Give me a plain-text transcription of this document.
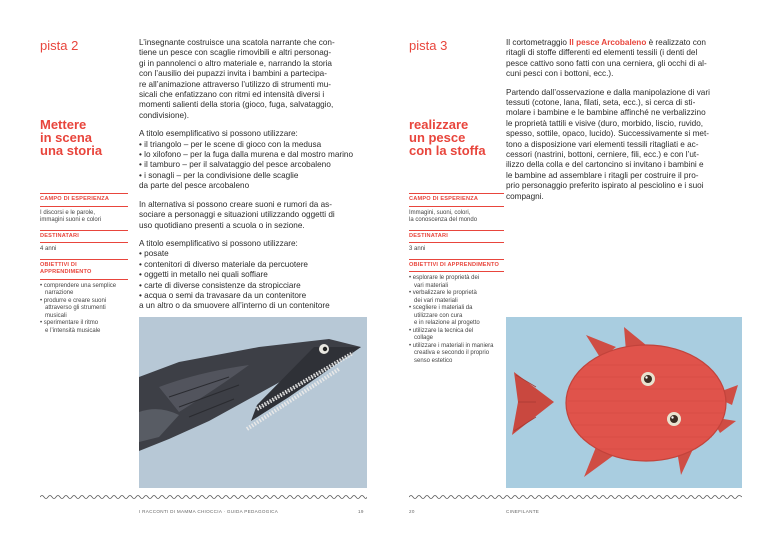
pista 2
Mettere
in scena
una storia
CAMPO DI ESPERIENZA
I discorsi e le parole,
immagini suoni e colori
DESTINATARI
4 anni
OBIETTIVI DI APPRENDIMENTO
• comprendere una semplice
narrazione
• produrre e creare suoni
attraverso gli strumenti
musicali
• sperimentare il ritmo
e l’intensità musicale

L’insegnante costruisce una scatola narrante che con-
tiene un pesce con scaglie rimovibili e altri personag-
gi in pannolenci o altro materiale e, narrando la storia
con l’ausilio dei pupazzi invita i bambini a partecipa-
re all’animazione attraverso l’utilizzo di strumenti mu-
sicali che enfatizzano con ritmi ed intensità diversi i
momenti salienti della storia (gioco, fuga, salvataggio,
condivisione).

A titolo esemplificativo si possono utilizzare:

• il triangolo – per le scene di gioco con la medusa
• lo xilofono – per la fuga dalla murena e dal mostro marino
• il tamburo – per il salvataggio del pesce arcobaleno
• i sonagli – per la condivisione delle scaglie
da parte del pesce arcobaleno

In alternativa si possono creare suoni e rumori da as-
sociare a personaggi e situazioni utilizzando oggetti di
uso quotidiano presenti a scuola o in sezione.

A titolo esemplificativo si possono utilizzare:

• posate
• contenitori di diverso materiale da percuotere
• oggetti in metallo nei quali soffiare
• carte di diverse consistenze da stropicciare
• acqua o semi da travasare da un contenitore
a un altro o da smuovere all’interno di un contenitore
I RACCONTI DI MAMMA CHIOCCIA · GUIDA PEDAGOGICA	19
pista 3
realizzare
un pesce
con la stoffa
CAMPO DI ESPERIENZA
Immagini, suoni, colori,
la conoscenza del mondo
DESTINATARI
3 anni
OBIETTIVI DI APPRENDIMENTO
• esplorare le proprietà dei
vari materiali
• verbalizzare le proprietà
dei vari materiali
• scegliere i materiali da
utilizzare con cura
e in relazione al progetto
• utilizzare la tecnica del
collage
• utilizzare i materiali in maniera
creativa e secondo il proprio
senso estetico

Il cortometraggio Il pesce Arcobaleno è realizzato con
ritagli di stoffe differenti ed elementi tessili (i denti del
pesce cattivo sono fatti con una cerniera, gli occhi di al-
cuni pesci con i bottoni, ecc.).

Partendo dall’osservazione e dalla manipolazione di vari
tessuti (cotone, lana, filati, seta, ecc.), si cerca di sti-
molare i bambine e le bambine affinché ne verbalizzino
le proprietà tattili e visive (duro, morbido, liscio, ruvido,
spesso, sottile, opaco, lucido). Successivamente si met-
tono a disposizione vari elementi tessili ritagliati e ac-
cessori (nastrini, bottoni, cerniere, fili, ecc.) e con l’ut-
ilizzo della colla e del cartoncino si invitano i bambini e
le bambine ad assemblare i ritagli per costruire il pro-
prio personaggio preferito ispirato al pesciolino e i suoi
compagni.

20	CINEFILANTE
